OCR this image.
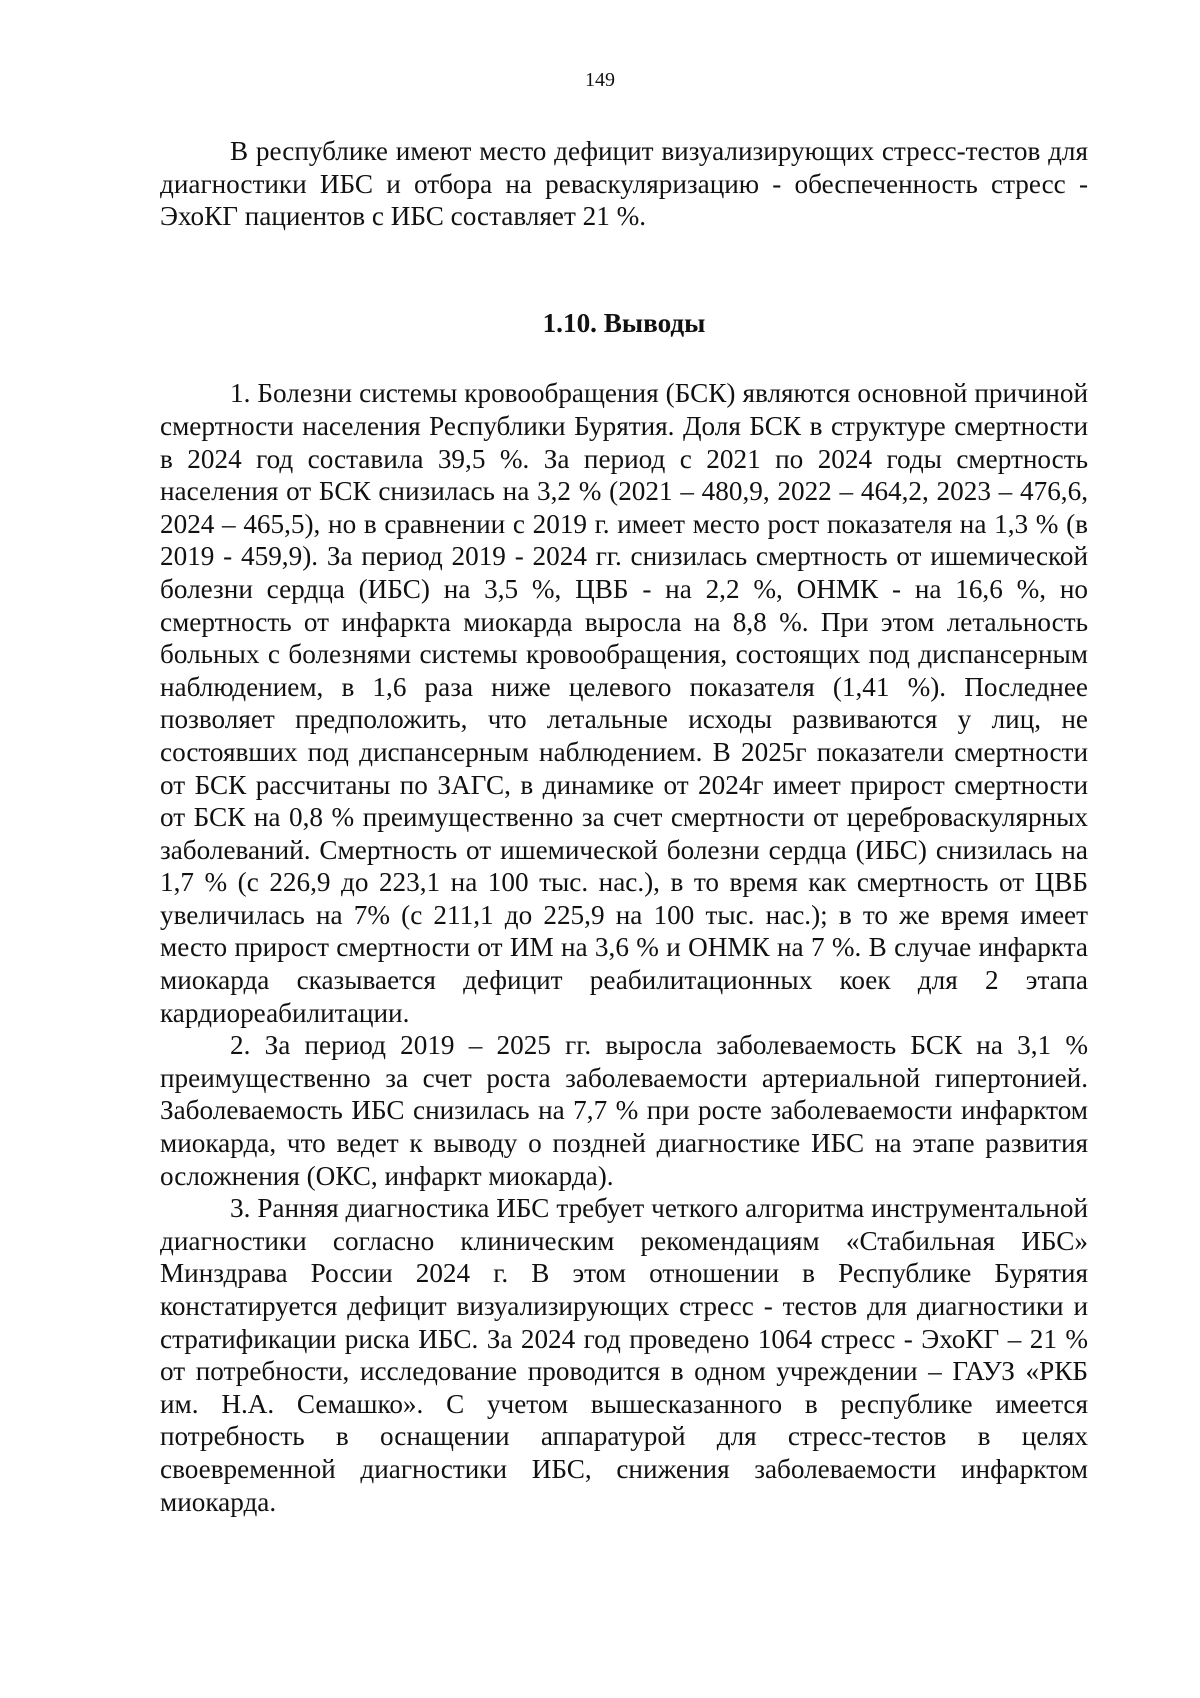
149

В республике имеют место дефицит визуализирующих стресс-тестов для диагностики ИБС и отбора на реваскуляризацию - обеспеченность стресс - ЭхоКГ пациентов с ИБС составляет 21 %.

1.10. Выводы

1. Болезни системы кровообращения (БСК) являются основной причиной смертности населения Республики Бурятия. Доля БСК в структуре смертности в 2024 год составила 39,5 %. За период с 2021 по 2024 годы смертность населения от БСК снизилась на 3,2 % (2021 – 480,9, 2022 – 464,2, 2023 – 476,6, 2024 – 465,5), но в сравнении с 2019 г. имеет место рост показателя на 1,3 % (в 2019 - 459,9). За период 2019 - 2024 гг. снизилась смертность от ишемической болезни сердца (ИБС) на 3,5 %, ЦВБ - на 2,2 %, ОНМК - на 16,6 %, но смертность от инфаркта миокарда выросла на 8,8 %. При этом летальность больных с болезнями системы кровообращения, состоящих под диспансерным наблюдением, в 1,6 раза ниже целевого показателя (1,41 %). Последнее позволяет предположить, что летальные исходы развиваются у лиц, не состоявших под диспансерным наблюдением. В 2025г показатели смертности от БСК рассчитаны по ЗАГС, в динамике от 2024г имеет прирост смертности от БСК на 0,8 % преимущественно за счет смертности от цереброваскулярных заболеваний. Смертность от ишемической болезни сердца (ИБС) снизилась на 1,7 % (с 226,9 до 223,1 на 100 тыс. нас.), в то время как смертность от ЦВБ увеличилась на 7% (с 211,1 до 225,9 на 100 тыс. нас.); в то же время имеет место прирост смертности от ИМ на 3,6 % и ОНМК на 7 %. В случае инфаркта миокарда сказывается дефицит реабилитационных коек для 2 этапа кардиореабилитации.

2. За период 2019 – 2025 гг. выросла заболеваемость БСК на 3,1 % преимущественно за счет роста заболеваемости артериальной гипертонией. Заболеваемость ИБС снизилась на 7,7 % при росте заболеваемости инфарктом миокарда, что ведет к выводу о поздней диагностике ИБС на этапе развития осложнения (ОКС, инфаркт миокарда).

3. Ранняя диагностика ИБС требует четкого алгоритма инструментальной диагностики согласно клиническим рекомендациям «Стабильная ИБС» Минздрава России 2024 г. В этом отношении в Республике Бурятия констатируется дефицит визуализирующих стресс - тестов для диагностики и стратификации риска ИБС. За 2024 год проведено 1064 стресс - ЭхоКГ – 21 % от потребности, исследование проводится в одном учреждении – ГАУЗ «РКБ им. Н.А. Семашко». С учетом вышесказанного в республике имеется потребность в оснащении аппаратурой для стресс-тестов в целях своевременной диагностики ИБС, снижения заболеваемости инфарктом миокарда.
